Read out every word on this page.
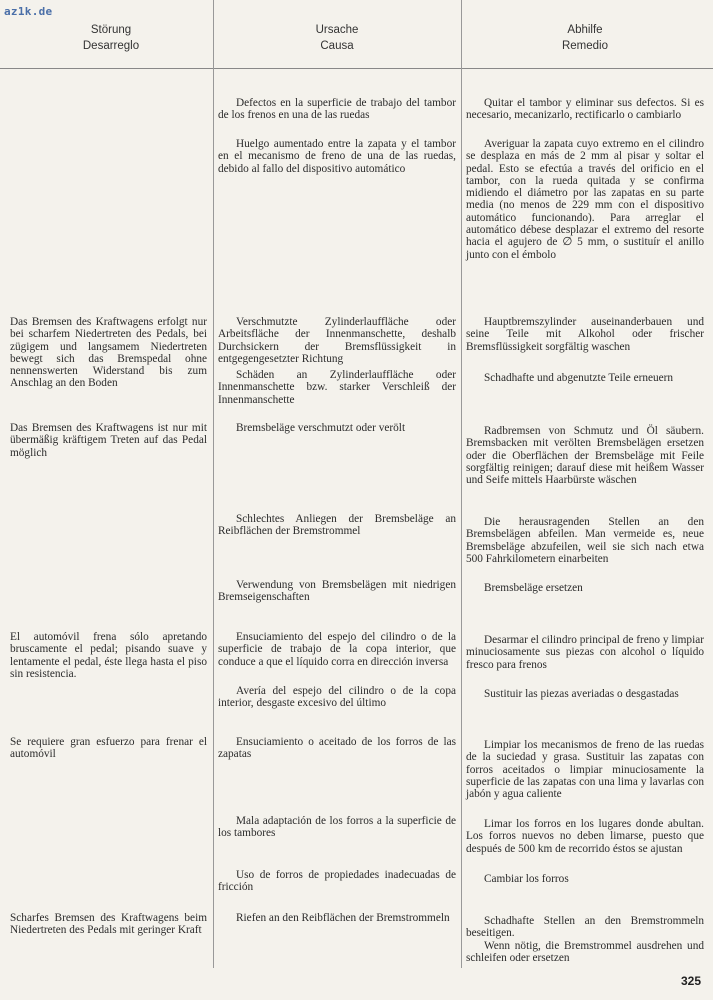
az1k.de
Störung
Desarreglo
Ursache
Causa
Abhilfe
Remedio
Das Bremsen des Kraftwagens erfolgt nur bei scharfem Niedertreten des Pedals, bei zügigem und langsamem Niedertreten bewegt sich das Bremspedal ohne nennenswerten Widerstand bis zum Anschlag an den Boden
Das Bremsen des Kraftwagens ist nur mit übermäßig kräftigem Treten auf das Pedal möglich
El automóvil frena sólo apretando bruscamente el pedal; pisando suave y lentamente el pedal, éste llega hasta el piso sin resistencia.
Se requiere gran esfuerzo para frenar el automóvil
Scharfes Bremsen des Kraftwagens beim Niedertreten des Pedals mit geringer Kraft
Defectos en la superficie de trabajo del tambor de los frenos en una de las ruedas
Huelgo aumentado entre la zapata y el tambor en el mecanismo de freno de una de las ruedas, debido al fallo del dispositivo automático
Verschmutzte Zylinderlauffläche oder Arbeitsfläche der Innenmanschette, deshalb Durchsickern der Bremsflüssigkeit in entgegengesetzter Richtung
Schäden an Zylinderlauffläche oder Innenmanschette bzw. starker Verschleiß der Innenmanschette
Bremsbeläge verschmutzt oder verölt
Schlechtes Anliegen der Bremsbeläge an Reibflächen der Bremstrommel
Verwendung von Bremsbelägen mit niedrigen Bremseigenschaften
Ensuciamiento del espejo del cilindro o de la superficie de trabajo de la copa interior, que conduce a que el líquido corra en dirección inversa
Avería del espejo del cilindro o de la copa interior, desgaste excesivo del último
Ensuciamiento o aceitado de los forros de las zapatas
Mala adaptación de los forros a la superficie de los tambores
Uso de forros de propiedades inadecuadas de fricción
Riefen an den Reibflächen der Bremstrommeln
Quitar el tambor y eliminar sus defectos. Si es necesario, mecanizarlo, rectificarlo o cambiarlo
Averiguar la zapata cuyo extremo en el cilindro se desplaza en más de 2 mm al pisar y soltar el pedal. Esto se efectúa a través del orificio en el tambor, con la rueda quitada y se confirma midiendo el diámetro por las zapatas en su parte media (no menos de 229 mm con el dispositivo automático funcionando). Para arreglar el automático débese desplazar el extremo del resorte hacia el agujero de ∅ 5 mm, o sustituír el anillo junto con el émbolo
Hauptbremszylinder auseinanderbauen und seine Teile mit Alkohol oder frischer Bremsflüssigkeit sorgfältig waschen
Schadhafte und abgenutzte Teile erneuern
Radbremsen von Schmutz und Öl säubern. Bremsbacken mit verölten Bremsbelägen ersetzen oder die Oberflächen der Bremsbeläge mit Feile sorgfältig reinigen; darauf diese mit heißem Wasser und Seife mittels Haarbürste wäschen
Die herausragenden Stellen an den Bremsbelägen abfeilen. Man vermeide es, neue Bremsbeläge abzufeilen, weil sie sich nach etwa 500 Fahrkilometern einarbeiten
Bremsbeläge ersetzen
Desarmar el cilindro principal de freno y limpiar minuciosamente sus piezas con alcohol o líquido fresco para frenos
Sustituir las piezas averiadas o desgastadas
Limpiar los mecanismos de freno de las ruedas de la suciedad y grasa. Sustituir las zapatas con forros aceitados o limpiar minuciosamente la superficie de las zapatas con una lima y lavarlas con jabón y agua caliente
Limar los forros en los lugares donde abultan. Los forros nuevos no deben limarse, puesto que después de 500 km de recorrido éstos se ajustan
Cambiar los forros
Schadhafte Stellen an den Bremstrommeln beseitigen.
Wenn nötig, die Bremstrommel ausdrehen und schleifen oder ersetzen
325
